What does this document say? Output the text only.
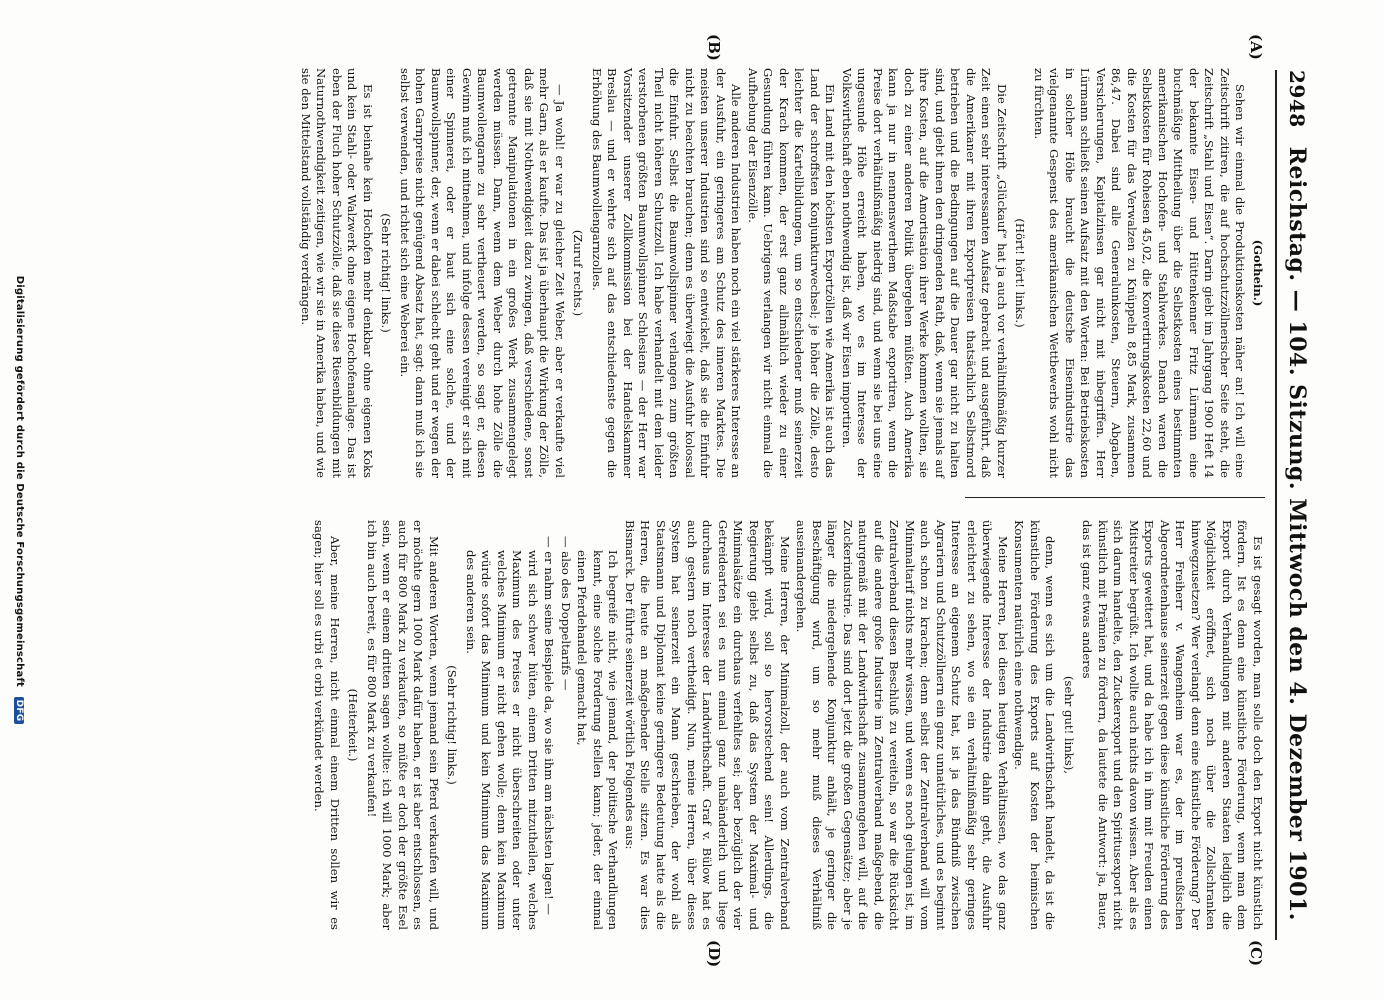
2948
Reichstag. — 104. Sitzung. Mittwoch den 4. Dezember 1901.
(A)
(B)
(C)
(D)

(Gothein.)

Sehen wir einmal die Produktionskosten näher an! Ich will eine Zeitschrift zitiren, die auf hochschutzzöllnerischer Seite steht, die Zeitschrift „Stahl und Eisen“. Darin giebt im Jahrgang 1900 Heft 14 der bekannte Eisen- und Hüttenkenner Fritz Lürmann eine buchmäßige Mittheilung über die Selbstkosten eines bestimmten amerikanischen Hochofen- und Stahlwerkes. Danach waren die Selbstkosten für Roheisen 45,02, die Konvertirungskosten 22,60 und die Kosten für das Verwalzen zu Knüppeln 8,85 Mark, zusammen 86,47. Dabei sind alle Generalunkosten, Steuern, Abgaben, Versicherungen, Kapitalzinsen gar nicht mit inbegriffen. Herr Lürmann schließt seinen Aufsatz mit den Worten: Bei Betriebskosten in solcher Höhe braucht die deutsche Eisenindustrie das vielgenannte Gespenst des amerikanischen Wettbewerbs wohl nicht zu fürchten.

(Hört! hört! links.)

Die Zeitschrift „Glückauf“ hat ja auch vor verhältnißmäßig kurzer Zeit einen sehr interessanten Aufsatz gebracht und ausgeführt, daß die Amerikaner mit ihren Exportpreisen thatsächlich Selbstmord betrieben und die Bedingungen auf die Dauer gar nicht zu halten sind, und giebt ihnen den dringenden Rath, daß, wenn sie jemals auf ihre Kosten, auf die Amortisation ihrer Werke kommen wollten, sie doch zu einer anderen Politik übergehen müßten. Auch Amerika kann ja nur in nennenswerthem Maßstabe exportiren, wenn die Preise dort verhältnißmäßig niedrig sind, und wenn sie bei uns eine ungesunde Höhe erreicht haben, wo es im Interesse der Volkswirthschaft eben nothwendig ist, daß wir Eisen importiren.

Ein Land mit den höchsten Exportzöllen wie Amerika ist auch das Land der schroffsten Konjunkturwechsel; je höher die Zölle, desto leichter die Kartellbildungen, um so entschiedener muß seinerzeit der Krach kommen, der erst ganz allmählich wieder zu einer Gesundung führen kann. Uebrigens verlangen wir nicht einmal die Aufhebung der Eisenzölle.

Alle anderen Industrien haben noch ein viel stärkeres Interesse an der Ausfuhr, ein geringeres am Schutz des inneren Marktes. Die meisten unserer Industrien sind so entwickelt, daß sie die Einfuhr nicht zu beachten brauchen; denn es überwiegt die Ausfuhr kolossal die Einfuhr. Selbst die Baumwollspinner verlangen zum größten Theil nicht höheren Schutzzoll. Ich habe verhandelt mit dem leider verstorbenen größten Baumwollspinner Schlesiens — der Herr war Vorsitzender unserer Zollkommission bei der Handelskammer Breslau — und er wehrte sich auf das entschiedenste gegen die Erhöhung des Baumwollengarnzolles.

(Zuruf rechts.)

— Ja wohl! er war zu gleicher Zeit Weber, aber er verkaufte viel mehr Garn, als er kaufte. Das ist ja überhaupt die Wirkung der Zölle, daß sie mit Nothwendigkeit dazu zwingen, daß verschiedene, sonst getrennte Manipulationen in ein großes Werk zusammengelegt werden müssen. Dann, wenn dem Weber durch hohe Zölle die Baumwollengarne zu sehr vertheuert werden, so sagt er, diesen Gewinn muß ich mitnehmen, und infolge dessen vereinigt er sich mit einer Spinnerei, oder er baut sich eine solche, und der Baumwollspinner, der, wenn er dabei schlecht geht und er wegen der hohen Garnpreise nicht genügend Absatz hat, sagt: dann muß ich sie selbst verwenden, und richtet sich eine Weberei ein.

(Sehr richtig! links.)

Es ist beinahe kein Hochofen mehr denkbar ohne eigenen Koks und kein Stahl- oder Walzwerk ohne eigene Hochofenanlage. Das ist eben der Fluch hoher Schutzzölle, daß sie diese Riesenbildungen mit Naturnothwendigkeit zeitigen, wie wir sie in Amerika haben, und wie sie den Mittelstand vollständig verdrängen.

Es ist gesagt worden, man solle doch den Export nicht künstlich fördern. Ist es denn eine künstliche Förderung, wenn man dem Export durch Verhandlungen mit anderen Staaten lediglich die Möglichkeit eröffnet, sich noch über die Zollschranken hinwegzusetzen? Wer verlangt denn eine künstliche Förderung? Der Herr Freiherr v. Wangenheim war es, der im preußischen Abgeordnetenhause seinerzeit gegen diese künstliche Förderung des Exports gewettert hat, und da habe ich in ihm mit Freuden einen Mitstreiter begrüßt. Ich wollte auch nichts davon wissen. Aber als es sich darum handelte, den Zuckerexport und den Spiritusexport nicht künstlich mit Prämien zu fördern, da lautete die Antwort: ja, Bauer, das ist ganz etwas anderes

(sehr gut! links),

denn, wenn es sich um die Landwirthschaft handelt, da ist die künstliche Förderung des Exports auf Kosten der heimischen Konsumenten natürlich eine nothwendige.

Meine Herren, bei diesen heutigen Verhältnissen, wo das ganz überwiegende Interesse der Industrie dahin geht, die Ausfuhr erleichtert zu sehen, wo sie ein verhältnißmäßig sehr geringes Interesse an eigenem Schutz hat, ist ja das Bündniß zwischen Agrariern und Schutzzöllnern ein ganz unnatürliches, und es beginnt auch schon zu krachen; denn selbst der Zentralverband will vom Minimaltarif nichts mehr wissen, und wenn es noch gelungen ist, im Zentralverband diesen Beschluß zu vereiteln, so war die Rücksicht auf die andere große Industrie im Zentralverband maßgebend, die naturgemäß mit der Landwirthschaft zusammengehen will, auf die Zuckerindustrie. Das sind dort jetzt die großen Gegensätze; aber je länger die niedergehende Konjunktur anhält, je geringer die Beschäftigung wird, um so mehr muß dieses Verhältniß auseinandergehen.

Meine Herren, der Minimalzoll, der auch vom Zentralverband bekämpft wird, soll so hervorstechend sein! Allerdings, die Regierung giebt selbst zu, daß das System der Maximal- und Minimalsätze ein durchaus verfehltes sei; aber bezüglich der vier Getreidearten sei es nun einmal ganz unabänderlich und liege durchaus im Interesse der Landwirthschaft. Graf v. Bülow hat es auch gestern noch vertheidigt. Nun, meine Herren, über dieses System hat seinerzeit ein Mann geschrieben, der wohl als Staatsmann und Diplomat keine geringere Bedeutung hatte als die Herren, die heute an maßgebender Stelle sitzen. Es war dies Bismarck. Der führte seinerzeit wörtlich Folgendes aus:

Ich begreife nicht, wie jemand, der politische Verhandlungen kennt, eine solche Forderung stellen kann; jeder, der einmal einen Pferdehandel gemacht hat,

— also des Doppeltarifs —

— er nahm seine Beispiele da, wo sie ihm am nächsten lagen! —

wird sich schwer hüten, einem Dritten mitzutheilen, welches Maximum des Preises er nicht überschreiten oder unter welches Minimum er nicht gehen wolle; denn kein Maximum würde sofort das Minimum und kein Minimum das Maximum des anderen sein.

(Sehr richtig! links.)

Mit anderen Worten, wenn jemand sein Pferd verkaufen will, und er möchte gern 1000 Mark dafür haben, er ist aber entschlossen, es auch für 800 Mark zu verkaufen, so müßte er doch der größte Esel sein, wenn er einem dritten sagen wollte: ich will 1000 Mark; aber ich bin auch bereit, es für 800 Mark zu verkaufen!

(Heiterkeit.)

Aber, meine Herren, nicht einmal einem Dritten sollen wir es sagen; hier soll es urbi et orbi verkündet werden.

Digitalisierung gefördert durch die Deutsche Forschungsgemeinschaft DFG
